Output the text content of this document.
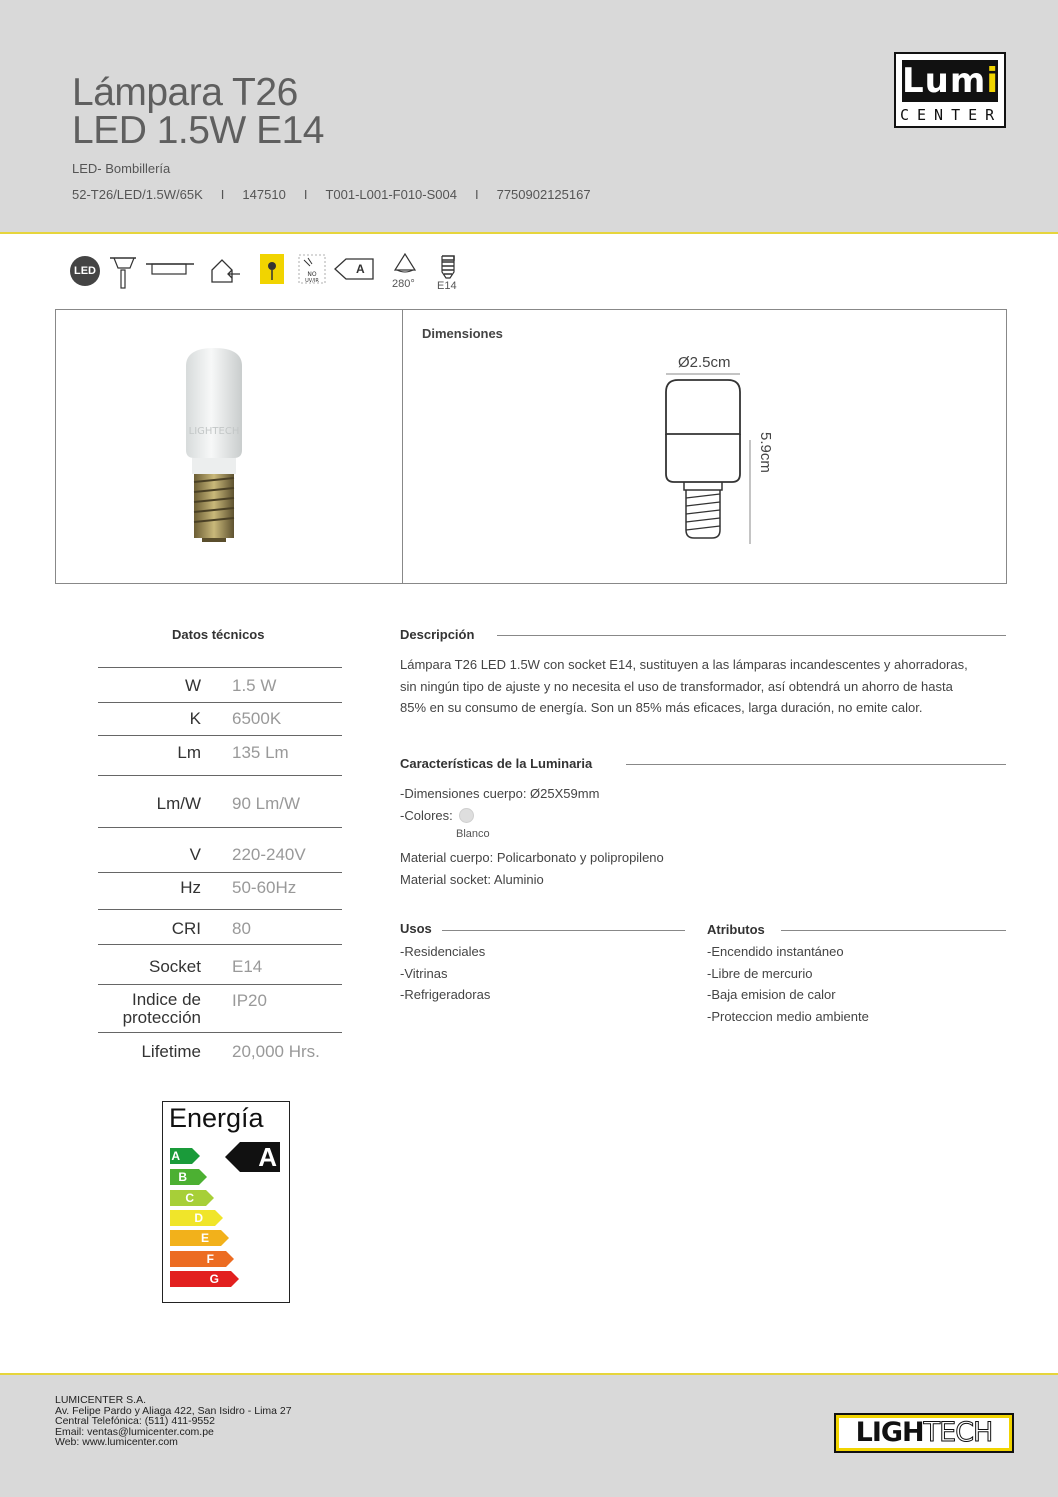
Lámpara T26
LED 1.5W E14
LED- Bombillería
52-T26/LED/1.5W/65K I 147510 I T001-L001-F010-S004 I 7750902125167
Lumi
CENTER
LED	NO
UV/IR
A
280° E14
LIGHTECH
Dimensiones
Ø2.5cm
5.9cm
Datos técnicos
W 1.5 W
K 6500K
Lm 135 Lm
Lm/W 90 Lm/W
V 220-240V
Hz 50-60Hz
CRI 80
Socket E14
Indice de
protección
IP20
Lifetime 20,000 Hrs.
Descripción
Lámpara T26 LED 1.5W con socket E14, sustituyen a las lámparas incandescentes y ahorradoras,
sin ningún tipo de ajuste y no necesita el uso de transformador, así obtendrá un ahorro de hasta
85% en su consumo de energía. Son un 85% más eficaces, larga duración, no emite calor.
Características de la Luminaria
-Dimensiones cuerpo: Ø25X59mm
-Colores:
Blanco
Material cuerpo: Policarbonato y polipropileno
Material socket: Aluminio
Usos
-Residenciales
-Vitrinas
-Refrigeradoras
Atributos
-Encendido instantáneo
-Libre de mercurio
-Baja emision de calor
-Proteccion medio ambiente
Energía
A
B
C
D
E
F
G
A
LUMICENTER S.A.
Av. Felipe Pardo y Aliaga 422, San Isidro - Lima 27
Central Telefónica: (511) 411-9552
Email: ventas@lumicenter.com.pe
Web: www.lumicenter.com	LIGHTECH
